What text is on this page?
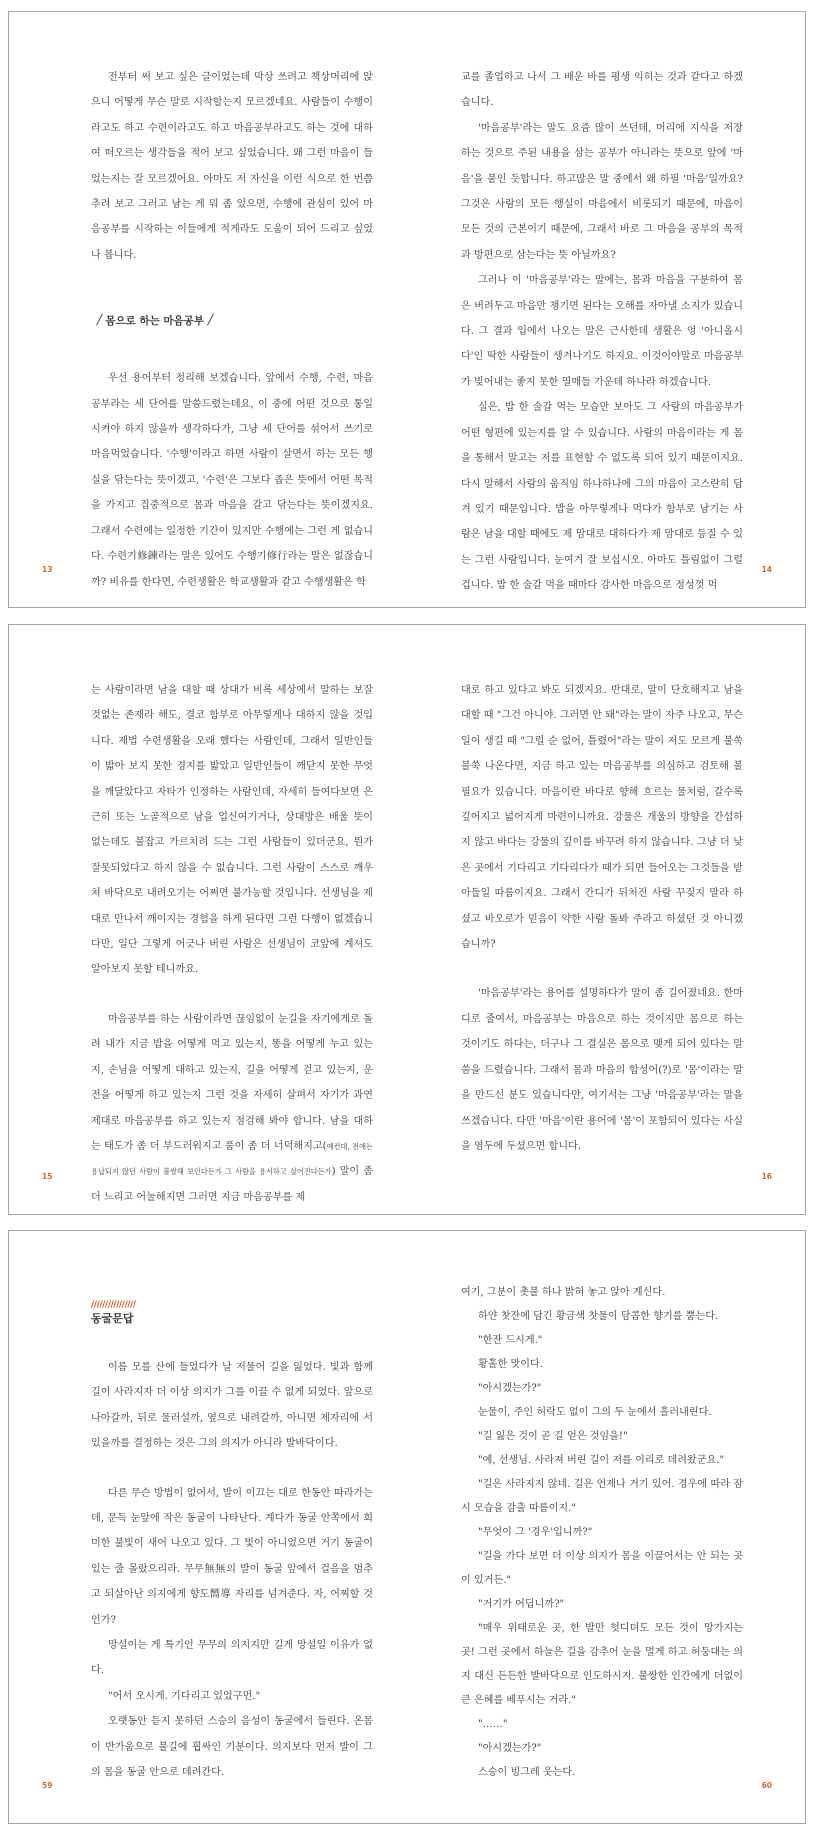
전부터 써 보고 싶은 글이었는데 막상 쓰려고 책상머리에 앉으니 어떻게 무슨 말로 시작할는지 모르겠네요. 사람들이 수행이라고도 하고 수련이라고도 하고 마음공부라고도 하는 것에 대하여 떠오르는 생각들을 적어 보고 싶었습니다. 왜 그런 마음이 들었는지는 잘 모르겠어요. 아마도 저 자신을 이런 식으로 한 번쯤 추려 보고 그러고 남는 게 뭐 좀 있으면, 수행에 관심이 있어 마음공부를 시작하는 이들에게 적게라도 도움이 되어 드리고 싶었나 봅니다.

/ 몸으로 하는 마음공부 /

우선 용어부터 정리해 보겠습니다. 앞에서 수행, 수련, 마음공부라는 세 단어를 말씀드렸는데요, 이 중에 어떤 것으로 통일시켜야 하지 않을까 생각하다가, 그냥 세 단어를 섞어서 쓰기로 마음먹었습니다. '수행'이라고 하면 사람이 살면서 하는 모든 행실을 닦는다는 뜻이겠고, '수련'은 그보다 좁은 뜻에서 어떤 목적을 가지고 집중적으로 몸과 마음을 갈고 닦는다는 뜻이겠지요. 그래서 수련에는 일정한 기간이 있지만 수행에는 그런 게 없습니다. 수련기修鍊라는 말은 있어도 수행기修行라는 말은 없잖습니까? 비유를 한다면, 수련생활은 학교생활과 같고 수행생활은 학

13

교를 졸업하고 나서 그 배운 바를 평생 익히는 것과 같다고 하겠습니다.

'마음공부'라는 말도 요즘 많이 쓰던데, 머리에 지식을 저장하는 것으로 주된 내용을 삼는 공부가 아니라는 뜻으로 앞에 '마음'을 붙인 듯합니다. 하고많은 말 중에서 왜 하필 '마음'일까요? 그것은 사람의 모든 행실이 마음에서 비롯되기 때문에, 마음이 모든 것의 근본이기 때문에, 그래서 바로 그 마음을 공부의 목적과 방편으로 삼는다는 뜻 아닐까요?

그러나 이 '마음공부'라는 말에는, 몸과 마음을 구분하여 몸은 버려두고 마음만 챙기면 된다는 오해를 자아낼 소지가 있습니다. 그 결과 입에서 나오는 말은 근사한데 생활은 엉 '아니올시다'인 딱한 사람들이 생겨나기도 하지요. 이것이야말로 마음공부가 빚어내는 좋지 못한 열매들 가운데 하나라 하겠습니다.

실은, 밥 한 술갈 먹는 모습만 보아도 그 사람의 마음공부가 어떤 형편에 있는지를 알 수 있습니다. 사람의 마음이라는 게 몸을 통해서 말고는 저를 표현할 수 없도록 되어 있기 때문이지요. 다시 말해서 사람의 움직임 하나하나에 그의 마음이 고스란히 담겨 있기 때문입니다. 밥을 아무렇게나 먹다가 함부로 남기는 사람은 남을 대할 때에도 제 맘대로 대하다가 제 맘대로 등질 수 있는 그런 사람입니다. 눈여겨 잘 보십시오. 아마도 틀림없이 그럴 겁니다. 밥 한 술갈 먹을 때마다 감사한 마음으로 정성껏 먹

14

는 사람이라면 남을 대할 때 상대가 비록 세상에서 말하는 보잘것없는 존재라 해도, 결코 함부로 아무렇게나 대하지 않을 것입니다. 제법 수련생활을 오래 했다는 사람인데, 그래서 일반인들이 밟아 보지 못한 경지를 밟았고 일반인들이 깨닫지 못한 무엇을 깨달았다고 자타가 인정하는 사람인데, 자세히 들여다보면 은근히 또는 노골적으로 남을 업신여기거나, 상대방은 배울 뜻이 없는데도 불잡고 가르치려 드는 그런 사람들이 있더군요, 뭔가 잘못되었다고 하지 않을 수 없습니다. 그런 사람이 스스로 깨우쳐 바닥으로 내려오기는 어쩌면 불가능할 것입니다. 선생님을 제대로 만나서 깨이지는 경험을 하게 된다면 그런 다행이 없겠습니다만, 일단 그렇게 어긋나 버린 사람은 선생님이 코앞에 계셔도 알아보지 못할 테니까요.

마음공부를 하는 사람이라면 끊임없이 눈길을 자기에게로 돌려 내가 지금 밥을 어떻게 먹고 있는지, 똥을 어떻게 누고 있는지, 손님을 어떻게 대하고 있는지, 길을 어떻게 걷고 있는지, 운전을 어떻게 하고 있는지 그런 것을 자세히 살펴서 자기가 과연 제대로 마음공부를 하고 있는지 점검해 봐야 합니다. 남을 대하는 태도가 좀 더 부드러워지고 품이 좀 더 너덕해지고(예컨대, 전에는 용납되지 않던 사람이 불쌍해 보인다든가 그 사람을 용서하고 싶어진다든가) 말이 좀 더 느리고 어눌해지면 그러면 지금 마음공부를 제

15

대로 하고 있다고 봐도 되겠지요. 반대로, 말이 단호해지고 남을 대할 때 "그건 아니야. 그러면 안 돼"라는 말이 자주 나오고, 무슨 일이 생길 때 "그럴 순 없어, 틀렸어"라는 말이 저도 모르게 불쑥불쑥 나온다면, 지금 하고 있는 마음공부를 의심하고 검토해 볼 필요가 있습니다. 마음이란 바다로 향해 흐르는 물처럼, 갈수록 깊어지고 넓어지게 마련이니까요. 강물은 개울의 방향을 간섭하지 않고 바다는 강물의 깊이를 바꾸려 하지 않습니다. 그냥 더 낮은 곳에서 기다리고 기다리다가 때가 되면 들어오는 그것들을 받아들일 따름이지요. 그래서 간디가 뒤처진 사람 꾸짖지 말라 하셨고 바오로가 믿음이 약한 사람 돌봐 주라고 하셨던 것 아니겠습니까?

'마음공부'라는 용어를 설명하다가 말이 좀 길어졌네요. 한마디로 줄여서, 마음공부는 마음으로 하는 것이지만 몸으로 하는 것이기도 하다는, 더구나 그 결실은 몸으로 맺게 되어 있다는 말씀을 드렸습니다. 그래서 몸과 마음의 합성어(?)로 '몸'이라는 말을 만드신 분도 있습니다만, 여기서는 그냥 '마음공부'라는 말을 쓰겠습니다. 다만 '마음'이란 용어에 '몸'이 포함되어 있다는 사실을 염두에 두셨으면 합니다.

16
////////////////
동굴문답

이름 모를 산에 들었다가 날 저물어 길을 잃었다. 빛과 함께 길이 사라지자 더 이상 의지가 그를 이끌 수 없게 되었다. 앞으로 나아갈까, 뒤로 물러설까, 옆으로 내려갈까, 아니면 제자리에 서 있을까를 결정하는 것은 그의 의지가 아니라 발바닥이다.

다른 무슨 방법이 없어서, 발이 이끄는 대로 한동안 따라가는데, 문득 눈앞에 작은 동굴이 나타난다. 계다가 동굴 안쪽에서 희미한 불빛이 새어 나오고 있다. 그 빛이 아니었으면 거기 동굴이 있는 줄 몰랐으리라. 무무無無의 발이 동굴 앞에서 걸음을 멈추고 되살아난 의지에게 향도嚮導 자리를 넘겨준다. 자, 어찌할 것인가?

망설이는 게 특기인 무무의 의지지만 길게 망설일 이유가 없다.

"어서 오시게. 기다리고 있었구먼."

오랫동안 듣지 못하던 스승의 음성이 동굴에서 들린다. 온몸이 반가움으로 불길에 휩싸인 기분이다. 의지보다 먼저 발이 그의 몸을 동굴 안으로 데려간다.

59

여기, 그분이 촛불 하나 밝혀 놓고 앉아 계신다.

하얀 찻잔에 담긴 황금색 찻물이 담콤한 향기를 뿜는다.

"한잔 드시게."

황홀한 맛이다.

"아시겠는가?"

눈물이, 주인 허락도 없이 그의 두 눈에서 흘러내린다.

"길 잃은 것이 곧 길 얻은 것임을!"

"예, 선생님. 사라져 버린 길이 저를 이리로 데려왔군요."

"길은 사라지지 않네. 길은 언제나 거기 있어. 경우에 따라 잠시 모습을 감출 따름이지."

"무엇이 그 '경우'입니까?"

"길을 가다 보면 더 이상 의지가 몸을 이끌어서는 안 되는 곳이 있거든."

"거기가 어딥니까?"

"매우 위태로운 곳, 한 발만 헛디뎌도 모든 것이 망가지는 곳! 그런 곳에서 하늘은 길을 감추어 눈을 멀게 하고 허둥대는 의지 대신 든든한 발바닥으로 인도하시지. 불쌍한 인간에게 더없이 큰 은혜를 베푸시는 거라."

"……"

"아시겠는가?"

스승이 빙그레 웃는다.

60
